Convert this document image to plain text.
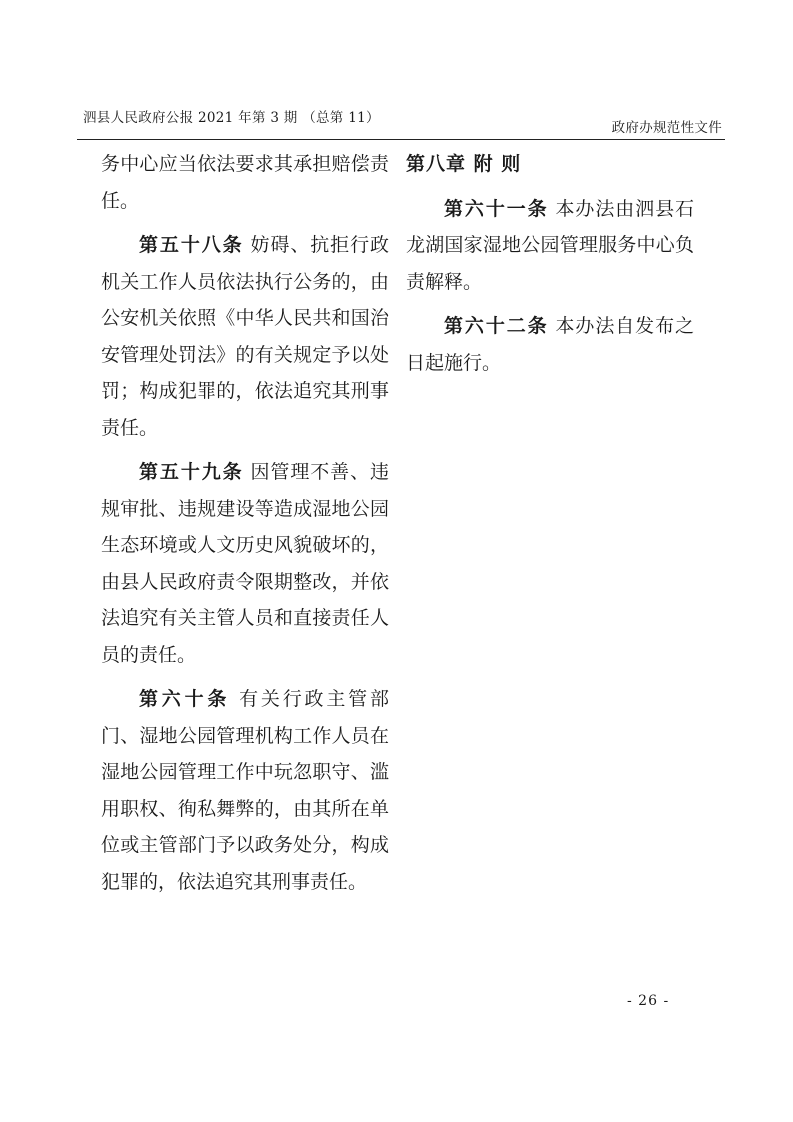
泗县人民政府公报 2021 年第 3 期 （总第 11）
政府办规范性文件

务中心应当依法要求其承担赔偿责任。

第五十八条 妨碍、抗拒行政机关工作人员依法执行公务的，由公安机关依照《中华人民共和国治安管理处罚法》的有关规定予以处罚；构成犯罪的，依法追究其刑事责任。

第五十九条 因管理不善、违规审批、违规建设等造成湿地公园生态环境或人文历史风貌破坏的，由县人民政府责令限期整改，并依法追究有关主管人员和直接责任人员的责任。

第六十条 有关行政主管部门、湿地公园管理机构工作人员在湿地公园管理工作中玩忽职守、滥用职权、徇私舞弊的，由其所在单位或主管部门予以政务处分，构成犯罪的，依法追究其刑事责任。

第八章 附 则

第六十一条 本办法由泗县石龙湖国家湿地公园管理服务中心负责解释。

第六十二条 本办法自发布之日起施行。

- 26 -
